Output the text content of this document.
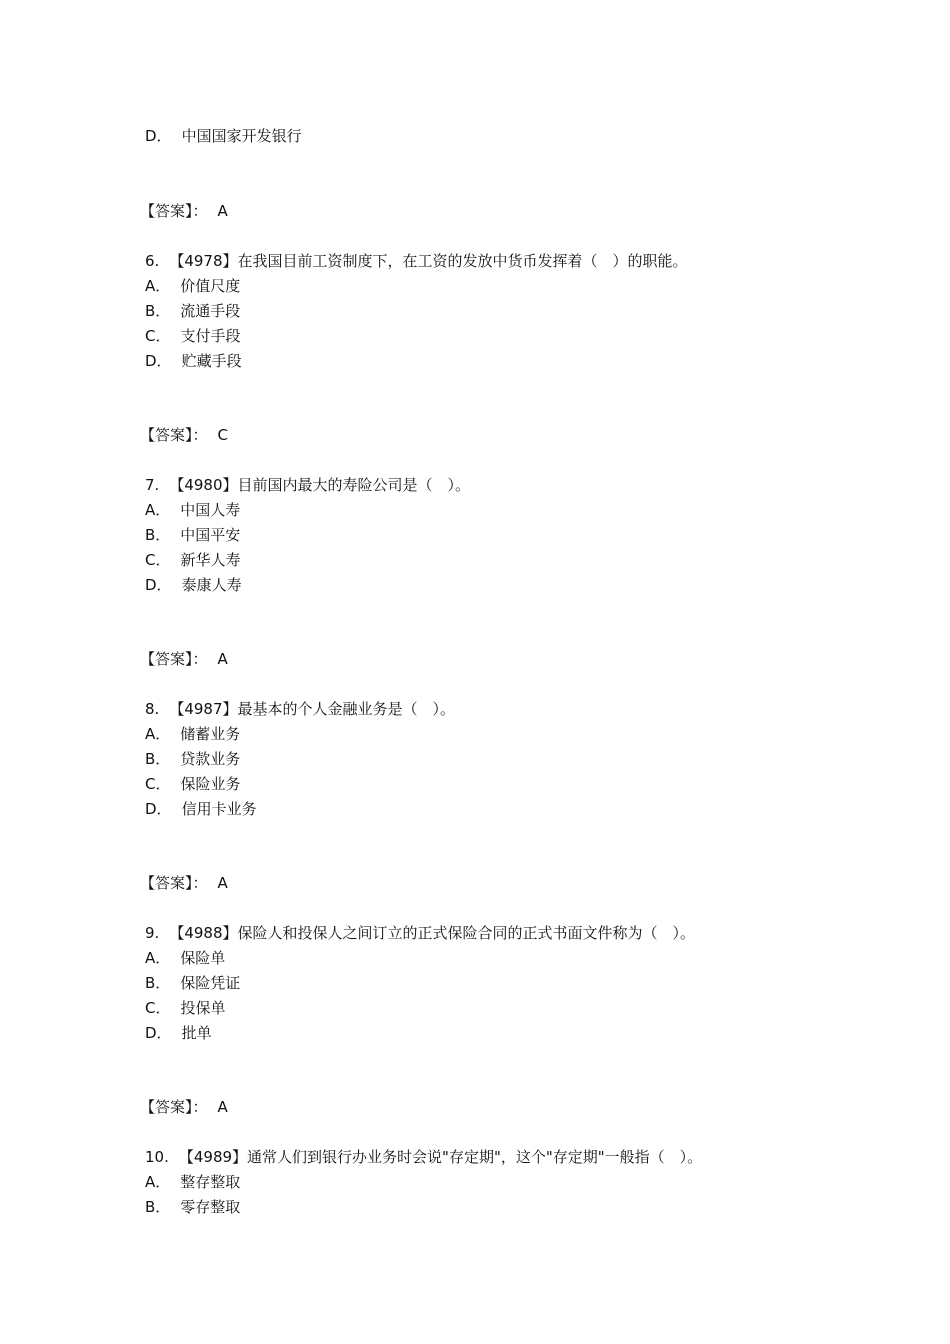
D． 中国国家开发银行
【答案】： A
6. 【4978】在我国目前工资制度下，在工资的发放中货币发挥着（　）的职能。
A． 价值尺度
B． 流通手段
C． 支付手段
D． 贮藏手段
【答案】： C
7. 【4980】目前国内最大的寿险公司是（　）。
A． 中国人寿
B． 中国平安
C． 新华人寿
D． 泰康人寿
【答案】： A
8. 【4987】最基本的个人金融业务是（　）。
A． 储蓄业务
B． 贷款业务
C． 保险业务
D． 信用卡业务
【答案】： A
9. 【4988】保险人和投保人之间订立的正式保险合同的正式书面文件称为（　）。
A． 保险单
B． 保险凭证
C． 投保单
D． 批单
【答案】： A
10. 【4989】通常人们到银行办业务时会说"存定期"，这个"存定期"一般指（　）。
A． 整存整取
B． 零存整取
